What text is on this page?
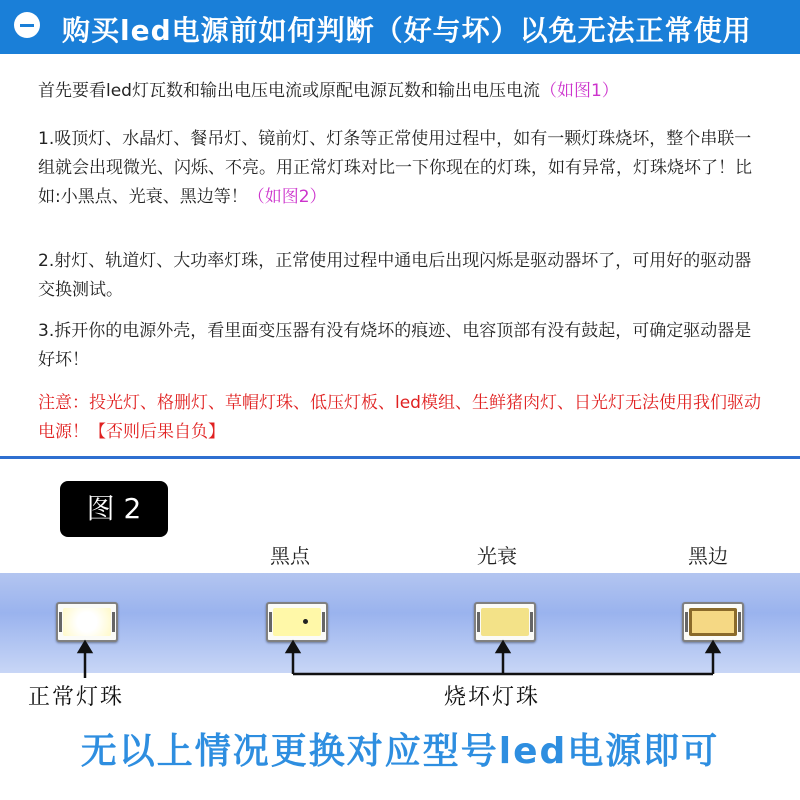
购买led电源前如何判断（好与坏）以免无法正常使用
首先要看led灯瓦数和输出电压电流或原配电源瓦数和输出电压电流（如图1）
1.吸顶灯、水晶灯、餐吊灯、镜前灯、灯条等正常使用过程中，如有一颗灯珠烧坏，整个串联一组就会出现微光、闪烁、不亮。用正常灯珠对比一下你现在的灯珠，如有异常，灯珠烧坏了！比如:小黑点、光衰、黑边等！（如图2）
2.射灯、轨道灯、大功率灯珠，正常使用过程中通电后出现闪烁是驱动器坏了，可用好的驱动器交换测试。
3.拆开你的电源外壳，看里面变压器有没有烧坏的痕迹、电容顶部有没有鼓起，可确定驱动器是好坏！
注意：投光灯、格删灯、草帽灯珠、低压灯板、led模组、生鲜猪肉灯、日光灯无法使用我们驱动电源！【否则后果自负】
图 2
黑点	光衰	黑边
正常灯珠	烧坏灯珠
无以上情况更换对应型号led电源即可
